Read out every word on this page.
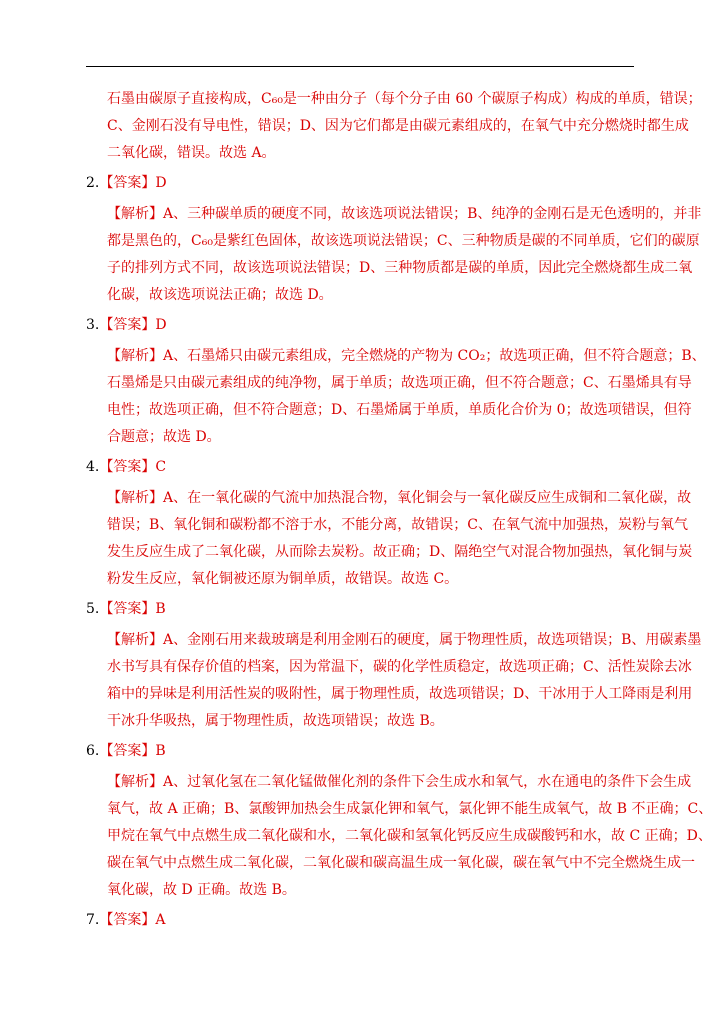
石墨由碳原子直接构成，C₆₀是一种由分子（每个分子由 60 个碳原子构成）构成的单质，错误；
C、金刚石没有导电性，错误；D、因为它们都是由碳元素组成的，在氧气中充分燃烧时都生成
二氧化碳，错误。故选 A。
2.【答案】D
【解析】A、三种碳单质的硬度不同，故该选项说法错误；B、纯净的金刚石是无色透明的，并非
都是黑色的，C₆₀是紫红色固体，故该选项说法错误；C、三种物质是碳的不同单质，它们的碳原
子的排列方式不同，故该选项说法错误；D、三种物质都是碳的单质，因此完全燃烧都生成二氧
化碳，故该选项说法正确；故选 D。
3.【答案】D
【解析】A、石墨烯只由碳元素组成，完全燃烧的产物为 CO₂；故选项正确，但不符合题意；B、
石墨烯是只由碳元素组成的纯净物，属于单质；故选项正确，但不符合题意；C、石墨烯具有导
电性；故选项正确，但不符合题意；D、石墨烯属于单质，单质化合价为 0；故选项错误，但符
合题意；故选 D。
4.【答案】C
【解析】A、在一氧化碳的气流中加热混合物，氧化铜会与一氧化碳反应生成铜和二氧化碳，故
错误；B、氧化铜和碳粉都不溶于水，不能分离，故错误；C、在氧气流中加强热，炭粉与氧气
发生反应生成了二氧化碳，从而除去炭粉。故正确；D、隔绝空气对混合物加强热，氧化铜与炭
粉发生反应，氧化铜被还原为铜单质，故错误。故选 C。
5.【答案】B
【解析】A、金刚石用来裁玻璃是利用金刚石的硬度，属于物理性质，故选项错误；B、用碳素墨
水书写具有保存价值的档案，因为常温下，碳的化学性质稳定，故选项正确；C、活性炭除去冰
箱中的异味是利用活性炭的吸附性，属于物理性质，故选项错误；D、干冰用于人工降雨是利用
干冰升华吸热，属于物理性质，故选项错误；故选 B。
6.【答案】B
【解析】A、过氧化氢在二氧化锰做催化剂的条件下会生成水和氧气，水在通电的条件下会生成
氧气，故 A 正确；B、氯酸钾加热会生成氯化钾和氧气，氯化钾不能生成氧气，故 B 不正确；C、
甲烷在氧气中点燃生成二氧化碳和水，二氧化碳和氢氧化钙反应生成碳酸钙和水，故 C 正确；D、
碳在氧气中点燃生成二氧化碳，二氧化碳和碳高温生成一氧化碳，碳在氧气中不完全燃烧生成一
氧化碳，故 D 正确。故选 B。
7.【答案】A
